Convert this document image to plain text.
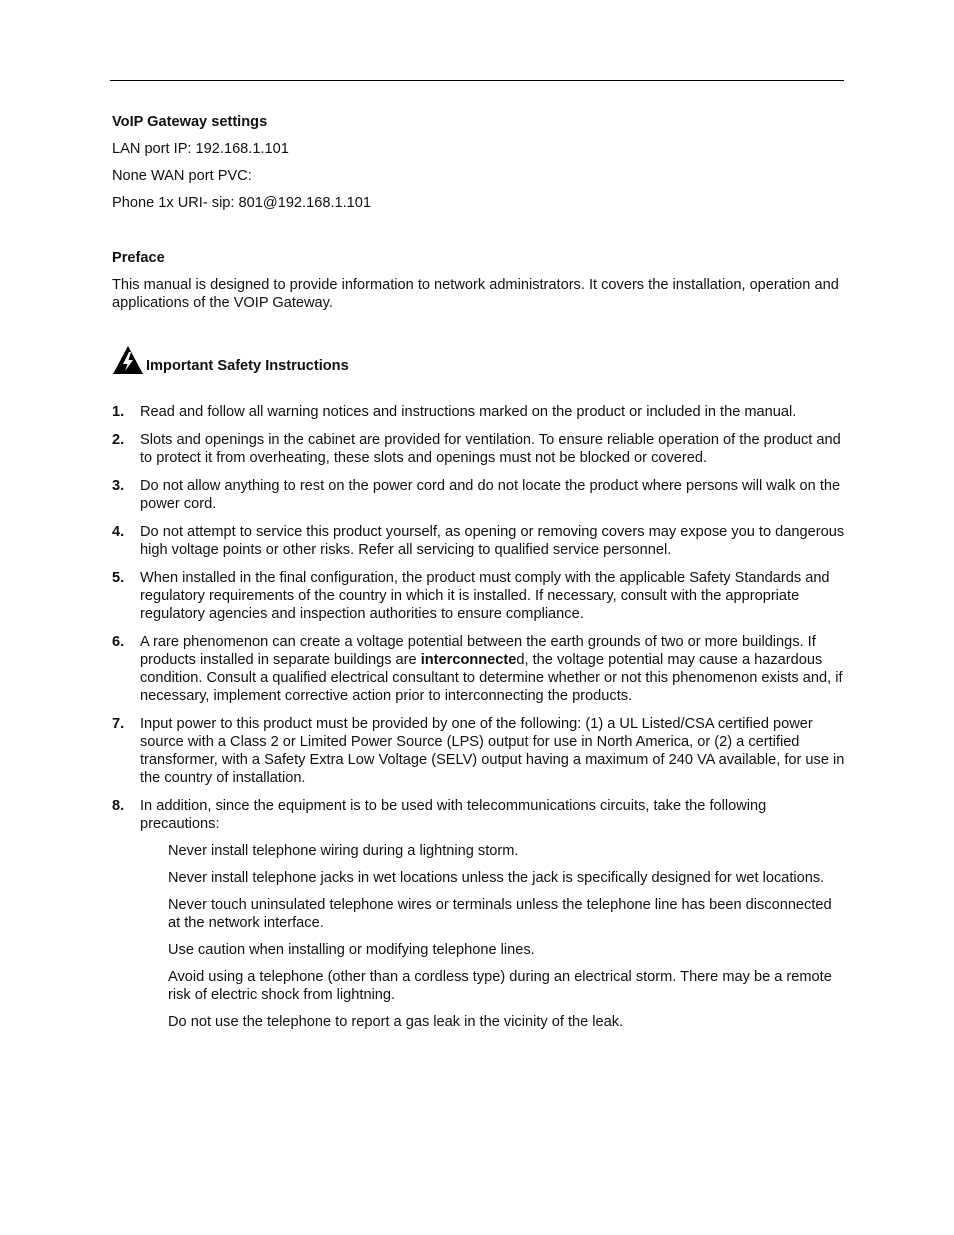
VoIP Gateway settings

LAN port IP: 192.168.1.101

None WAN port PVC:

Phone 1x URI- sip: 801@192.168.1.101

Preface

This manual is designed to provide information to network administrators. It covers the installation, operation and applications of the VOIP Gateway.

Important Safety Instructions
1.	Read and follow all warning notices and instructions marked on the product or included in the manual.
2.	Slots and openings in the cabinet are provided for ventilation. To ensure reliable operation of the product and to protect it from overheating, these slots and openings must not be blocked or covered.
3.	Do not allow anything to rest on the power cord and do not locate the product where persons will walk on the power cord.
4.	Do not attempt to service this product yourself, as opening or removing covers may expose you to dangerous high voltage points or other risks. Refer all servicing to qualified service personnel.
5.	When installed in the final configuration, the product must comply with the applicable Safety Standards and regulatory requirements of the country in which it is installed. If necessary, consult with the appropriate regulatory agencies and inspection authorities to ensure compliance.
6.	A rare phenomenon can create a voltage potential between the earth grounds of two or more buildings. If products installed in separate buildings are interconnected, the voltage potential may cause a hazardous condition. Consult a qualified electrical consultant to determine whether or not this phenomenon exists and, if necessary, implement corrective action prior to interconnecting the products.
7.	Input power to this product must be provided by one of the following: (1) a UL Listed/CSA certified power source with a Class 2 or Limited Power Source (LPS) output for use in North America, or (2) a certified transformer, with a Safety Extra Low Voltage (SELV) output having a maximum of 240 VA available, for use in the country of installation.
8.	In addition, since the equipment is to be used with telecommunications circuits, take the following precautions:

Never install telephone wiring during a lightning storm.

Never install telephone jacks in wet locations unless the jack is specifically designed for wet locations.

Never touch uninsulated telephone wires or terminals unless the telephone line has been disconnected at the network interface.

Use caution when installing or modifying telephone lines.

Avoid using a telephone (other than a cordless type) during an electrical storm. There may be a remote risk of electric shock from lightning.

Do not use the telephone to report a gas leak in the vicinity of the leak.
